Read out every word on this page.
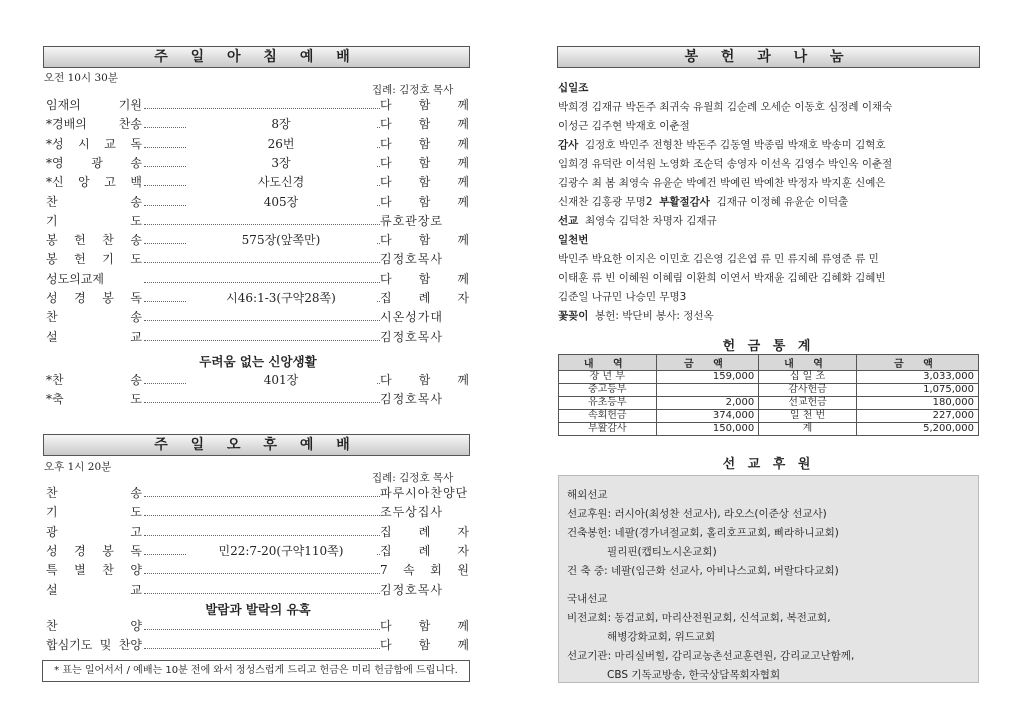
주 일 아 침 예 배
오전 10시 30분
집례: 김정호 목사
임재의 기원	다 함 께
*경배의 찬송	8장	다 함 께
*성 시 교 독	26번	다 함 께
*영 광 송	3장	다 함 께
*신 앙 고 백	사도신경	다 함 께
찬 송	405장	다 함 께
기 도	류호관장로
봉 헌 찬 송	575장(앞쪽만)	다 함 께
봉 헌 기 도	김정호목사
성도의교제	다 함 께
성 경 봉 독	시46:1-3(구약28쪽)	집 례 자
찬 송	시온성가대
설 교	김정호목사
두려움 없는 신앙생활
*찬 송	401장	다 함 께
*축 도	김정호목사
주 일 오 후 예 배
오후 1시 20분
집례: 김정호 목사
찬 송	파루시아찬양단
기 도	조두상집사
광 고	집 례 자
성 경 봉 독	민22:7-20(구약110쪽)	집 례 자
특 별 찬 양	7 속 회 원
설 교	김정호목사
발람과 발락의 유혹
찬 양	다 함 께
합심기도 및 찬양	다 함 께
* 표는 일어서서 / 예배는 10분 전에 와서 정성스럽게 드리고 헌금은 미리 헌금함에 드립니다.
봉 헌 과 나 눔
십일조
박희경 김재규 박돈주 최귀숙 유월희 김순례 오세순 이동호 심정례 이채숙
이성근 김주현 박재호 이춘절
감사 김정호 박민주 전형찬 박돈주 김동열 박종림 박재호 박송미 김혁호
임희경 유덕란 이석원 노영화 조순덕 송영자 이선옥 김영수 박인옥 이춘절
김광수 최 봄 최영숙 유윤순 박예건 박예린 박예찬 박정자 박지훈 신예은
신재찬 김홍광 무명2 부활절감사 김재규 이정혜 유윤순 이덕출
선교 최영숙 김덕찬 차명자 김재규
일천번
박민주 박요한 이지은 이민호 김은영 김은엽 류 민 류지혜 류영준 류 민
이태훈 류 빈 이혜원 이혜림 이환희 이연서 박재윤 김혜란 김혜화 김혜빈
김준일 나규민 나승민 무명3
꽃꽂이 봉헌: 박단비 봉사: 정선옥
헌 금 통 계
내 역	금 액	내 역	금 액
장 년 부	159,000	십 일 조	3,033,000
중고등부		감사헌금	1,075,000
유초등부	2,000	선교헌금	180,000
속회헌금	374,000	일 천 번	227,000
부활감사	150,000	계	5,200,000
선 교 후 원
해외선교
선교후원: 러시아(최성찬 선교사), 라오스(이준상 선교사)
건축봉헌: 네팔(경가녀절교회, 홀리호프교회, 삐라하니교회)
필리핀(캡티노시온교회)
건 축 중: 네팔(임근화 선교사, 아비나스교회, 버랄다다교회)
국내선교
비전교회: 동검교회, 마리산전원교회, 신석교회, 복전교회,
해병강화교회, 위드교회
선교기관: 마리실버힐, 감리교농촌선교훈련원, 감리교고난함께,
CBS 기독교방송, 한국상담목회자협회
